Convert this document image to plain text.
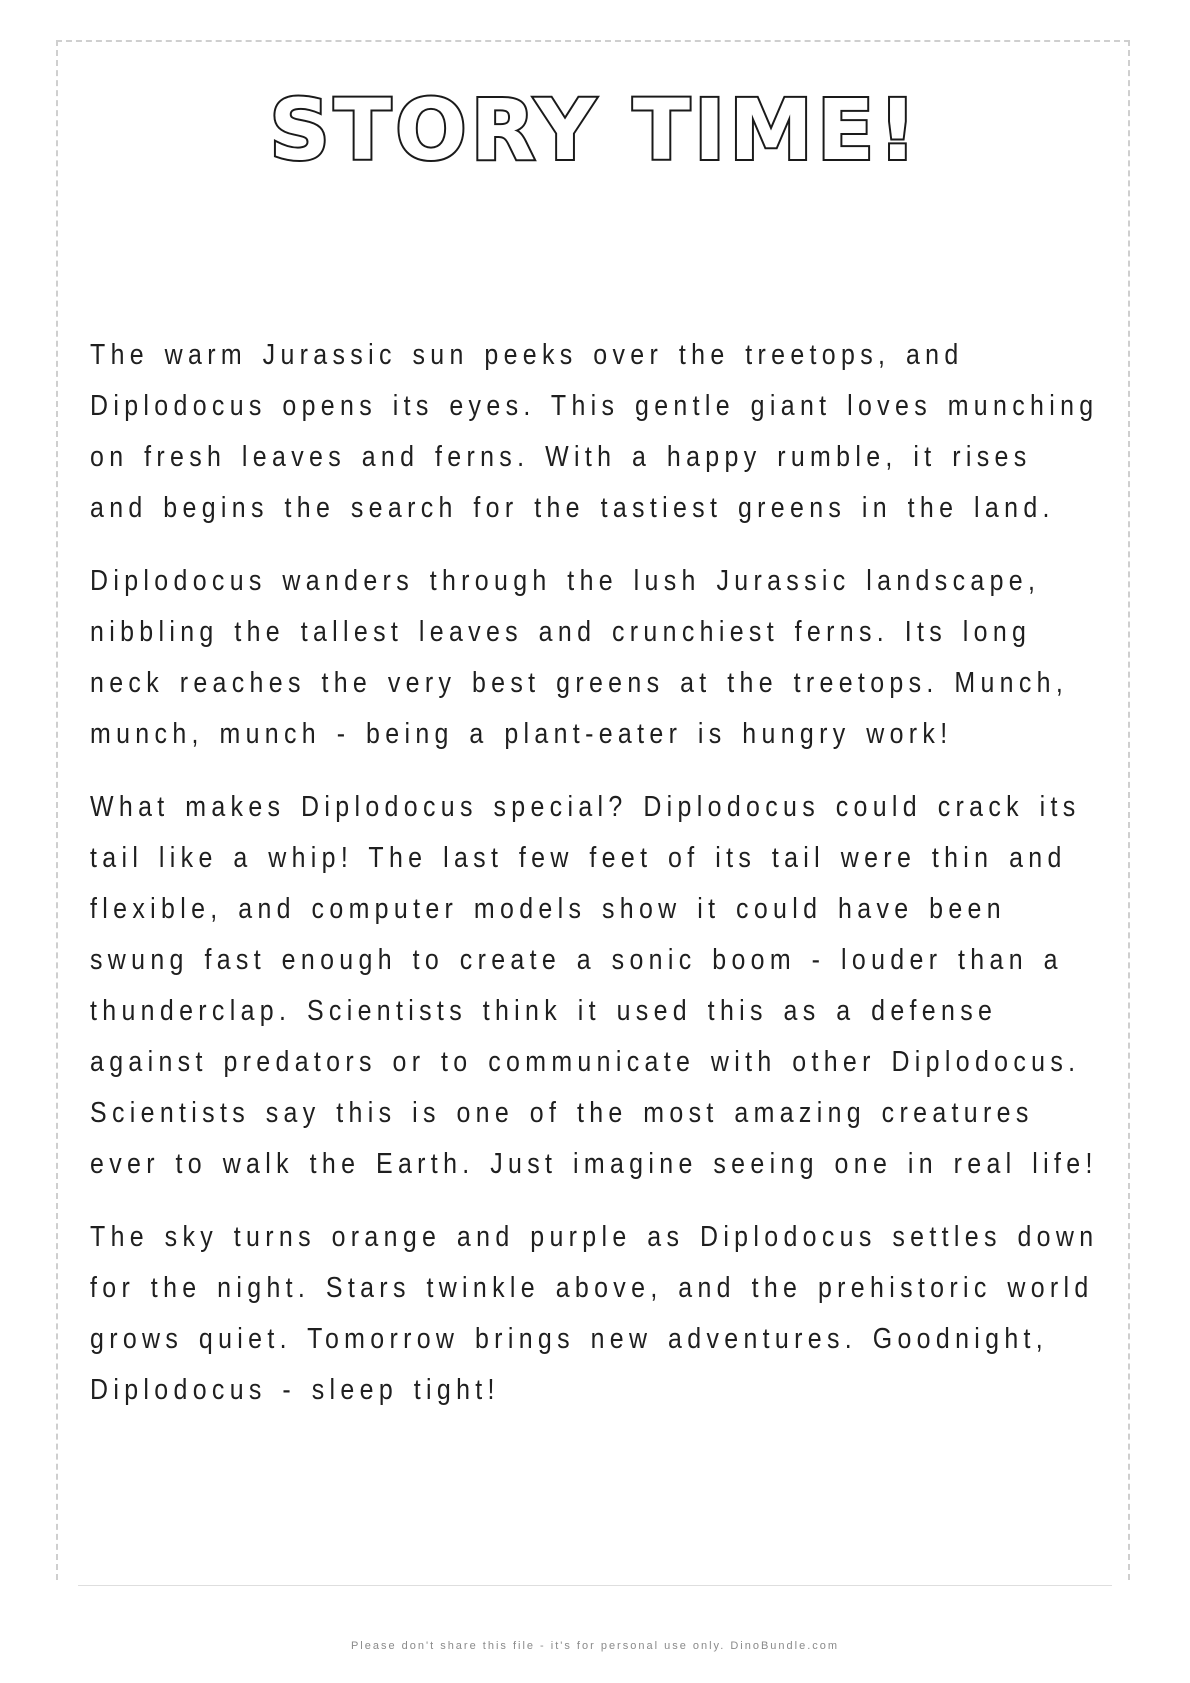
STORY TIME!

The warm Jurassic sun peeks over the treetops, and Diplodocus opens its eyes. This gentle giant loves munching on fresh leaves and ferns. With a happy rumble, it rises and begins the search for the tastiest greens in the land.

Diplodocus wanders through the lush Jurassic landscape, nibbling the tallest leaves and crunchiest ferns. Its long neck reaches the very best greens at the treetops. Munch, munch, munch - being a plant-eater is hungry work!

What makes Diplodocus special? Diplodocus could crack its tail like a whip! The last few feet of its tail were thin and flexible, and computer models show it could have been swung fast enough to create a sonic boom - louder than a thunderclap. Scientists think it used this as a defense against predators or to communicate with other Diplodocus. Scientists say this is one of the most amazing creatures ever to walk the Earth. Just imagine seeing one in real life!

The sky turns orange and purple as Diplodocus settles down for the night. Stars twinkle above, and the prehistoric world grows quiet. Tomorrow brings new adventures. Goodnight, Diplodocus - sleep tight!

Please don't share this file - it's for personal use only. DinoBundle.com
